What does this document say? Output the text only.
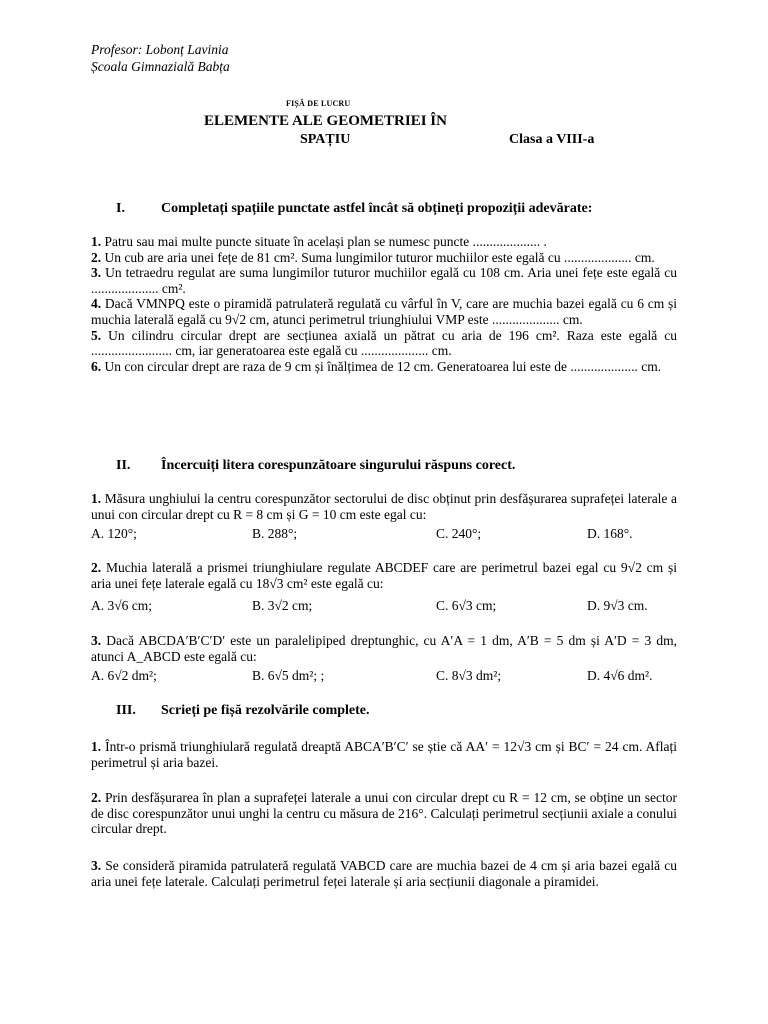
Profesor: Lobonț Lavinia
Școala Gimnazială Babța
FIȘĂ DE LUCRU
ELEMENTE ALE GEOMETRIEI ÎN
SPAȚIU	Clasa a VIII-a
I.	Completați spațiile punctate astfel încât să obțineți propoziții adevărate:
1. Patru sau mai multe puncte situate în același plan se numesc puncte .................... .
2. Un cub are aria unei fețe de 81 cm². Suma lungimilor tuturor muchiilor este egală cu .................... cm.
3. Un tetraedru regulat are suma lungimilor tuturor muchiilor egală cu 108 cm. Aria unei fețe este egală cu .................... cm².
4. Dacă VMNPQ este o piramidă patrulateră regulată cu vârful în V, care are muchia bazei egală cu 6 cm și muchia laterală egală cu 9√2 cm, atunci perimetrul triunghiului VMP este .................... cm.
5. Un cilindru circular drept are secțiunea axială un pătrat cu aria de 196 cm². Raza este egală cu ........................ cm, iar generatoarea este egală cu .................... cm.
6. Un con circular drept are raza de 9 cm și înălțimea de 12 cm. Generatoarea lui este de .................... cm.
II. Încercuiți litera corespunzătoare singurului răspuns corect.
1. Măsura unghiului la centru corespunzător sectorului de disc obținut prin desfășurarea suprafeței laterale a unui con circular drept cu R = 8 cm și G = 10 cm este egal cu:
A. 120°;	B. 288°;	C. 240°;	D. 168°.
2. Muchia laterală a prismei triunghiulare regulate ABCDEF care are perimetrul bazei egal cu 9√2 cm și aria unei fețe laterale egală cu 18√3 cm² este egală cu:
A. 3√6 cm;	B. 3√2 cm;	C. 6√3 cm;	D. 9√3 cm.
3. Dacă ABCDA′B′C′D′ este un paralelipiped dreptunghic, cu A′A = 1 dm, A′B = 5 dm și A′D = 3 dm, atunci A_ABCD este egală cu:
A. 6√2 dm²;	B. 6√5 dm²; ;	C. 8√3 dm²;	D. 4√6 dm².
III. Scrieți pe fișă rezolvările complete.
1. Într-o prismă triunghiulară regulată dreaptă ABCA′B′C′ se știe că AA′ = 12√3 cm și BC′ = 24 cm. Aflați perimetrul și aria bazei.
2. Prin desfășurarea în plan a suprafeței laterale a unui con circular drept cu R = 12 cm, se obține un sector de disc corespunzător unui unghi la centru cu măsura de 216°. Calculați perimetrul secțiunii axiale a conului circular drept.
3. Se consideră piramida patrulateră regulată VABCD care are muchia bazei de 4 cm și aria bazei egală cu aria unei fețe laterale. Calculați perimetrul feței laterale și aria secțiunii diagonale a piramidei.
